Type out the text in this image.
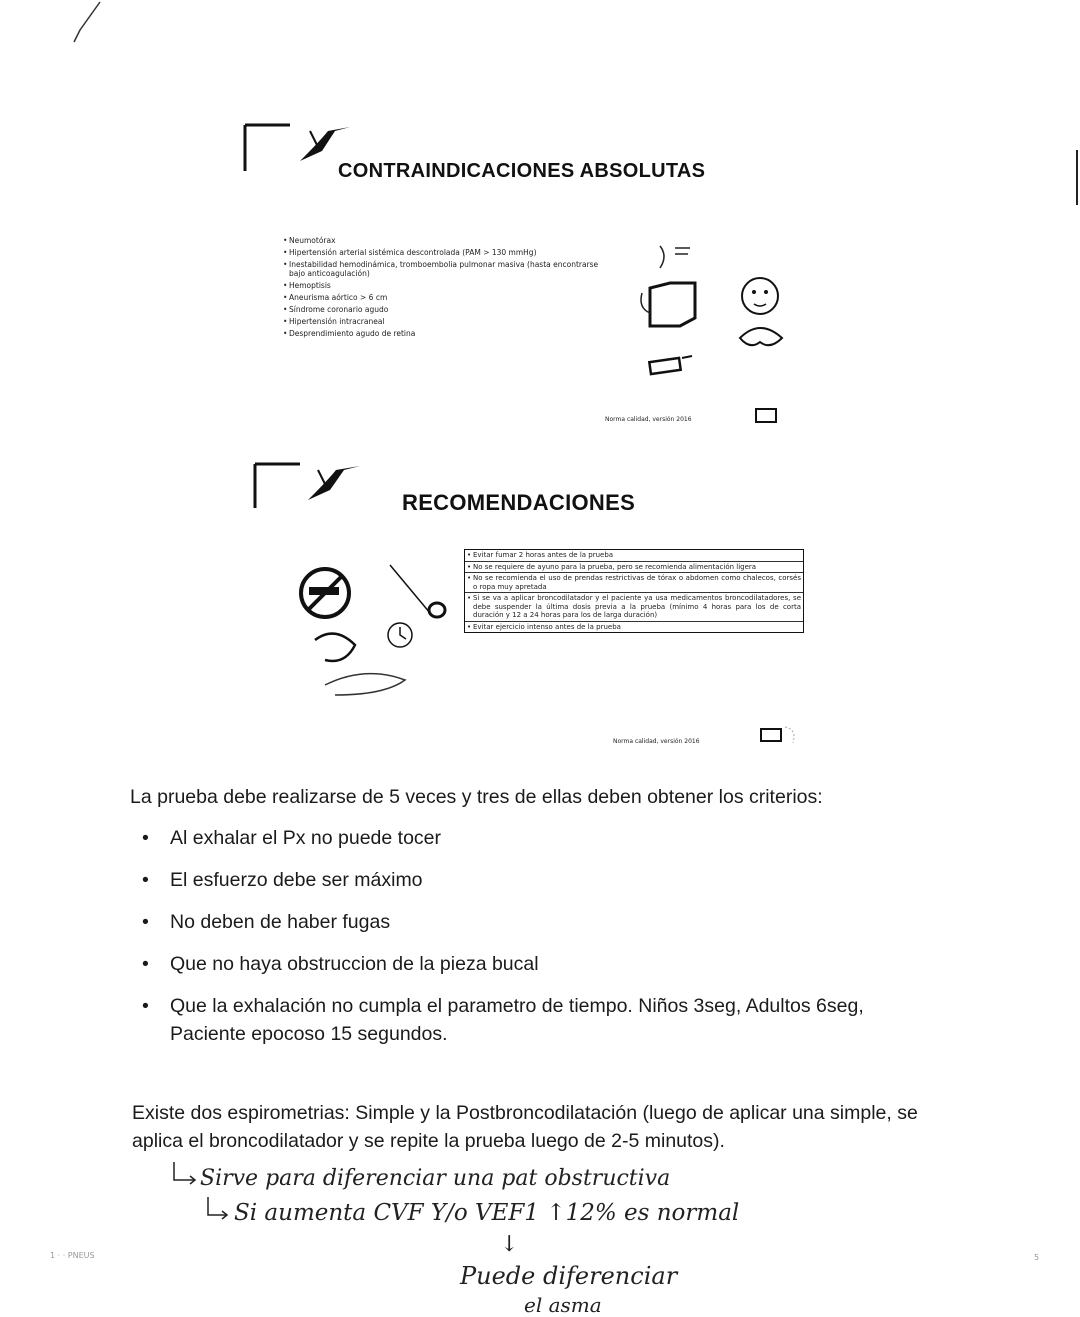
CONTRAINDICACIONES ABSOLUTAS
• Neumotórax
• Hipertensión arterial sistémica descontrolada (PAM > 130 mmHg)
• Inestabilidad hemodinámica, tromboembolia pulmonar masiva (hasta encontrarse bajo anticoagulación)
• Hemoptisis
• Aneurisma aórtico > 6 cm
• Síndrome coronario agudo
• Hipertensión intracraneal
• Desprendimiento agudo de retina
Norma calidad, versión 2016
RECOMENDACIONES
• Evitar fumar 2 horas antes de la prueba
• No se requiere de ayuno para la prueba, pero se recomienda alimentación ligera
• No se recomienda el uso de prendas restrictivas de tórax o abdomen como chalecos, corsés o ropa muy apretada
• Si se va a aplicar broncodilatador y el paciente ya usa medicamentos broncodilatadores, se debe suspender la última dosis previa a la prueba (mínimo 4 horas para los de corta duración y 12 a 24 horas para los de larga duración)
• Evitar ejercicio intenso antes de la prueba
Norma calidad, versión 2016
La prueba debe realizarse de 5 veces y tres de ellas deben obtener los criterios:
• Al exhalar el Px no puede tocer
• El esfuerzo debe ser máximo
• No deben de haber fugas
• Que no haya obstruccion de la pieza bucal
• Que la exhalación no cumpla el parametro de tiempo. Niños 3seg, Adultos 6seg, Paciente epocoso 15 segundos.
Existe dos espirometrias: Simple y la Postbroncodilatación (luego de aplicar una simple, se aplica el broncodilatador y se repite la prueba luego de 2-5 minutos).
Sirve para diferenciar una pat obstructiva
Si aumenta CVF Y/o VEF1 ↑12% es normal
↓
Puede diferenciar
el asma
1 · · PNEUS	5
